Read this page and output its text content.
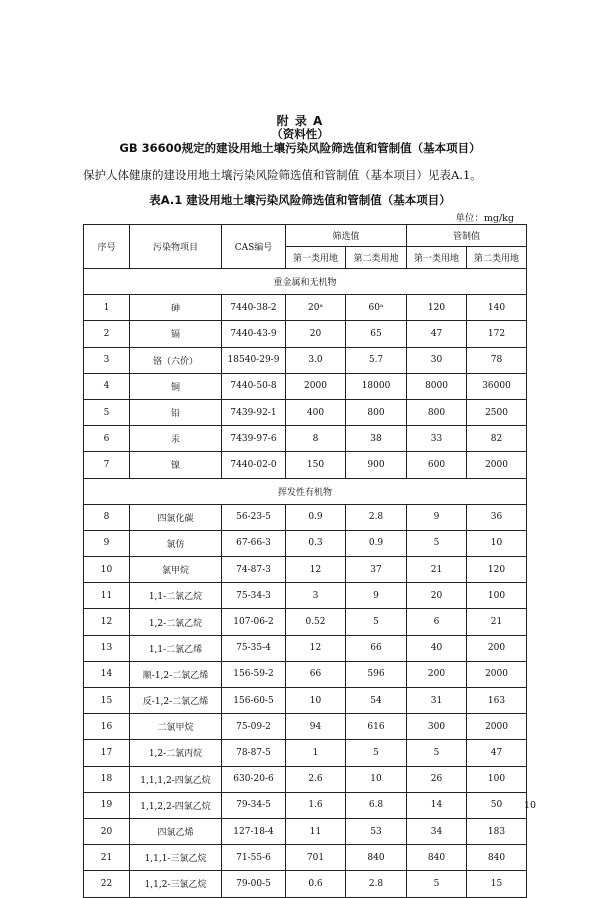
附 录 A
（资料性）
GB 36600规定的建设用地土壤污染风险筛选值和管制值（基本项目）
保护人体健康的建设用地土壤污染风险筛选值和管制值（基本项目）见表A.1。
表A.1 建设用地土壤污染风险筛选值和管制值（基本项目）
单位：mg/kg
序号	污染物项目	CAS编号	筛选值		管制值	
			第一类用地	第二类用地	第一类用地	第二类用地
重金属和无机物						
1	砷	7440-38-2	20ᵃ	60ᵃ	120	140
2	镉	7440-43-9	20	65	47	172
3	铬（六价）	18540-29-9	3.0	5.7	30	78
4	铜	7440-50-8	2000	18000	8000	36000
5	铅	7439-92-1	400	800	800	2500
6	汞	7439-97-6	8	38	33	82
7	镍	7440-02-0	150	900	600	2000
挥发性有机物						
8	四氯化碳	56-23-5	0.9	2.8	9	36
9	氯仿	67-66-3	0.3	0.9	5	10
10	氯甲烷	74-87-3	12	37	21	120
11	1,1-二氯乙烷	75-34-3	3	9	20	100
12	1,2-二氯乙烷	107-06-2	0.52	5	6	21
13	1,1-二氯乙烯	75-35-4	12	66	40	200
14	顺-1,2-二氯乙烯	156-59-2	66	596	200	2000
15	反-1,2-二氯乙烯	156-60-5	10	54	31	163
16	二氯甲烷	75-09-2	94	616	300	2000
17	1,2-二氯丙烷	78-87-5	1	5	5	47
18	1,1,1,2-四氯乙烷	630-20-6	2.6	10	26	100
19	1,1,2,2-四氯乙烷	79-34-5	1.6	6.8	14	50
20	四氯乙烯	127-18-4	11	53	34	183
21	1,1,1-三氯乙烷	71-55-6	701	840	840	840
22	1,1,2-三氯乙烷	79-00-5	0.6	2.8	5	15
10
